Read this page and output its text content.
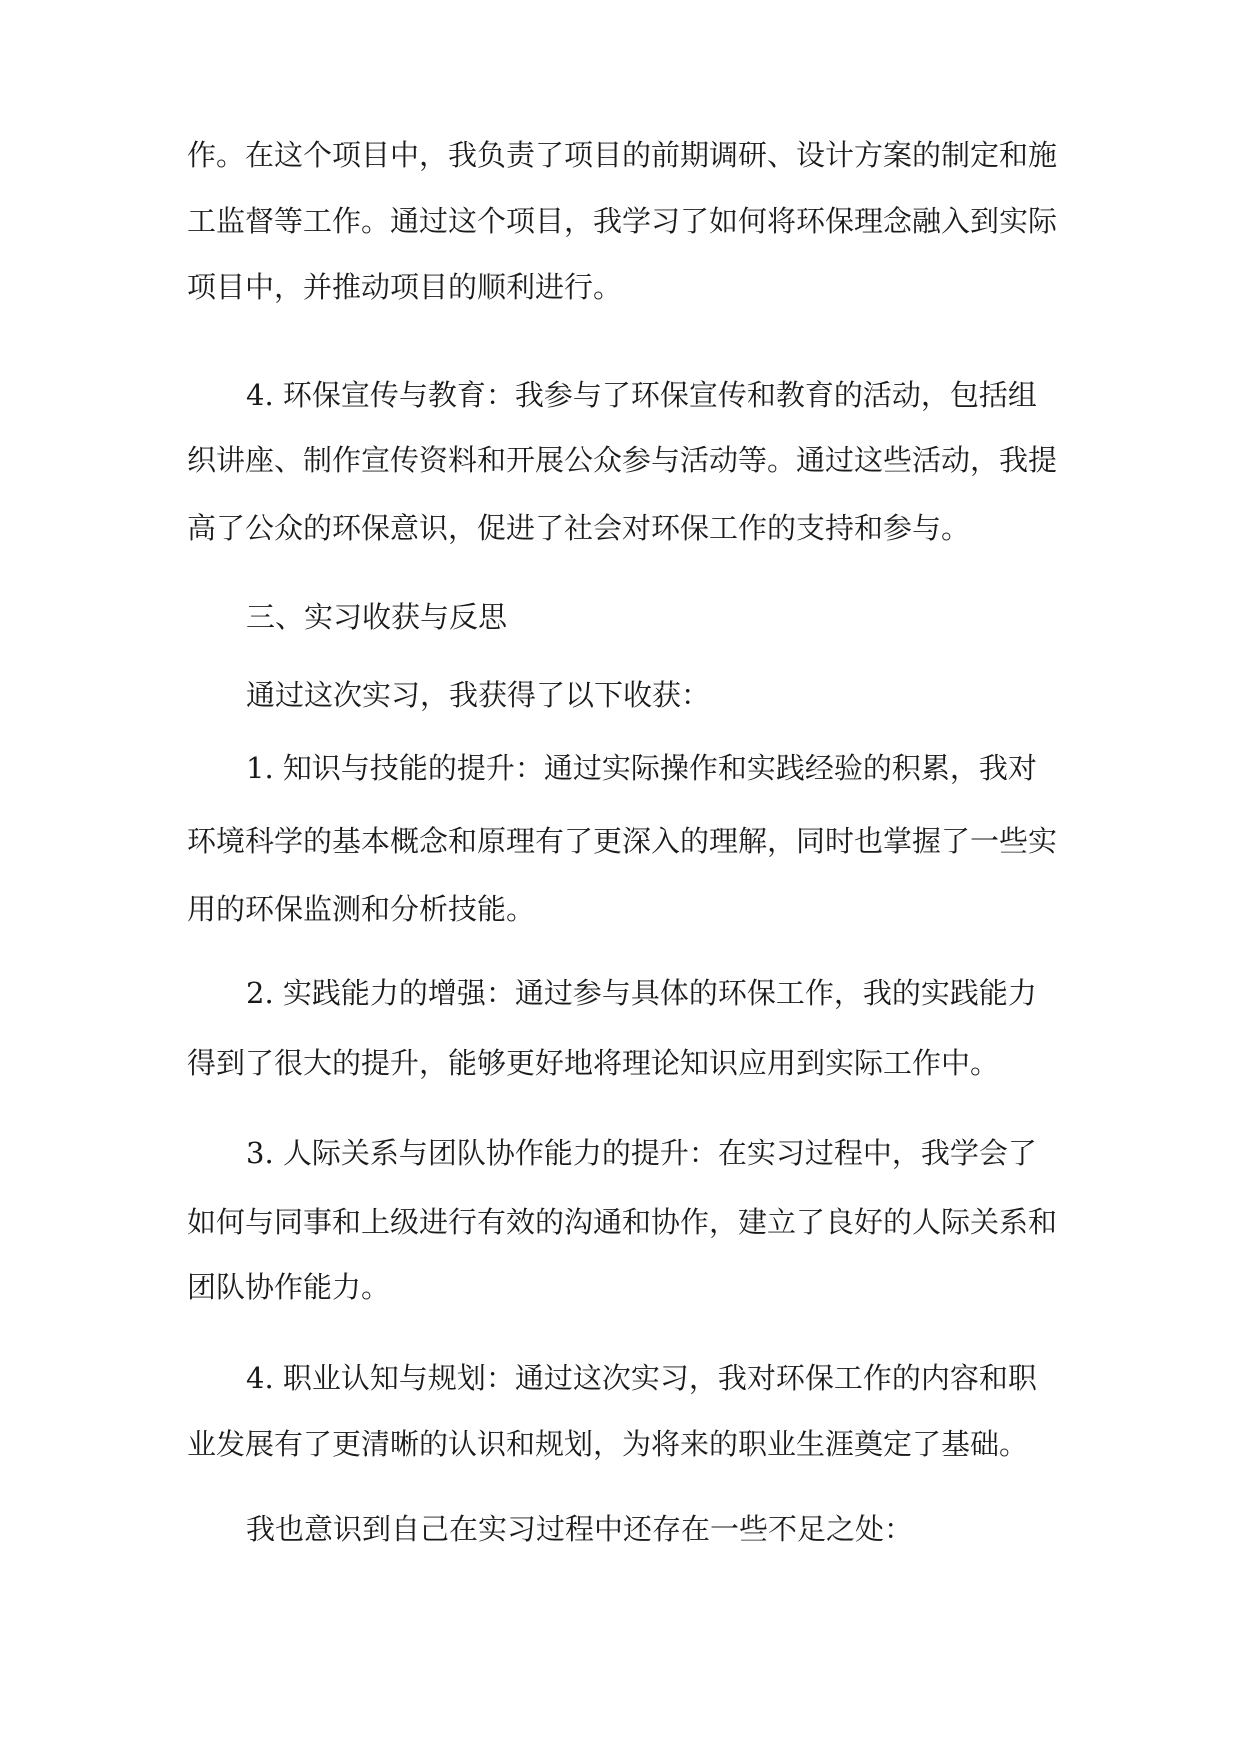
作。在这个项目中，我负责了项目的前期调研、设计方案的制定和施
工监督等工作。通过这个项目，我学习了如何将环保理念融入到实际
项目中，并推动项目的顺利进行。
4. 环保宣传与教育：我参与了环保宣传和教育的活动，包括组
织讲座、制作宣传资料和开展公众参与活动等。通过这些活动，我提
高了公众的环保意识，促进了社会对环保工作的支持和参与。
三、实习收获与反思
通过这次实习，我获得了以下收获：
1. 知识与技能的提升：通过实际操作和实践经验的积累，我对
环境科学的基本概念和原理有了更深入的理解，同时也掌握了一些实
用的环保监测和分析技能。
2. 实践能力的增强：通过参与具体的环保工作，我的实践能力
得到了很大的提升，能够更好地将理论知识应用到实际工作中。
3. 人际关系与团队协作能力的提升：在实习过程中，我学会了
如何与同事和上级进行有效的沟通和协作，建立了良好的人际关系和
团队协作能力。
4. 职业认知与规划：通过这次实习，我对环保工作的内容和职
业发展有了更清晰的认识和规划，为将来的职业生涯奠定了基础。
我也意识到自己在实习过程中还存在一些不足之处：
